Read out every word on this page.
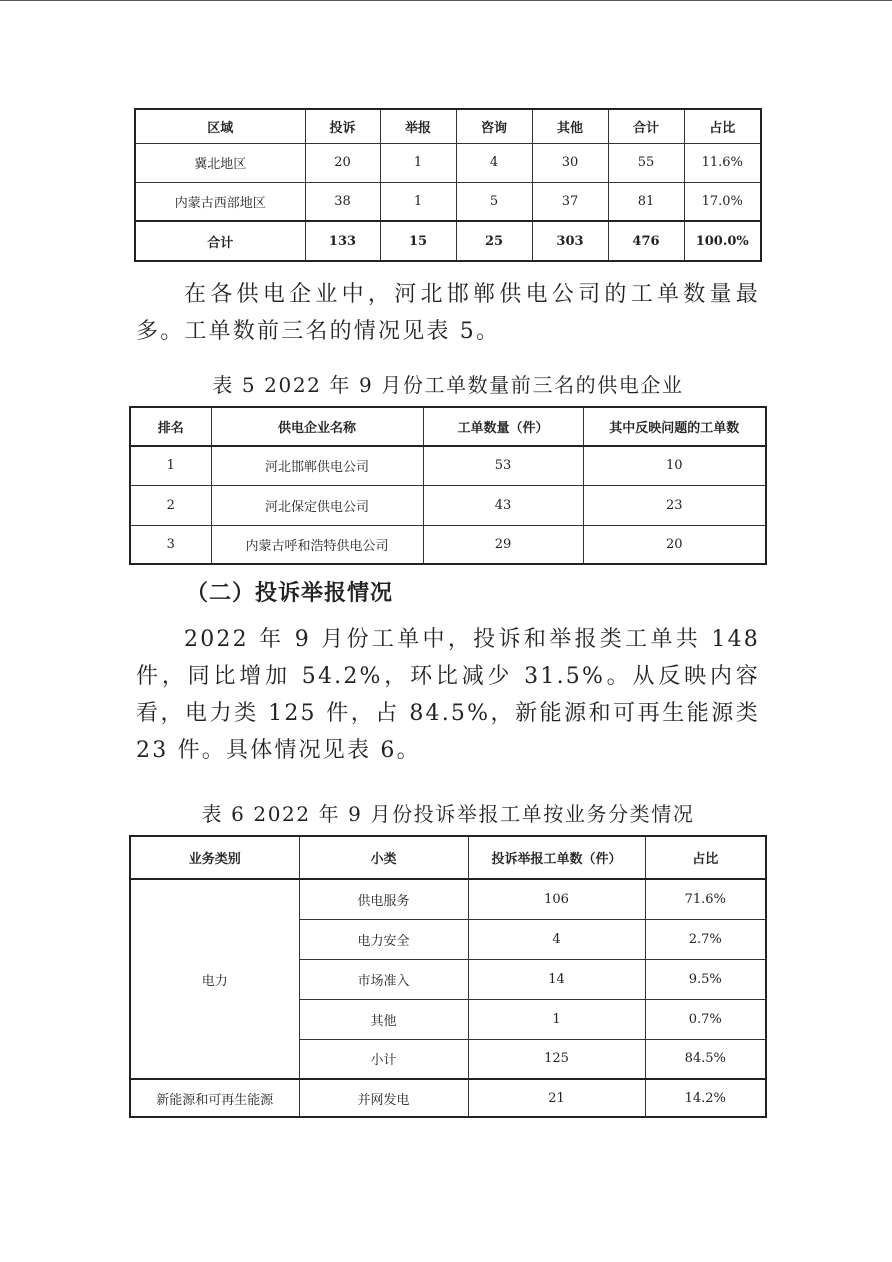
区域	投诉	举报	咨询	其他	合计	占比
冀北地区	20	1	4	30	55	11.6%
内蒙古西部地区	38	1	5	37	81	17.0%
合计	133	15	25	303	476	100.0%

在各供电企业中，河北邯郸供电公司的工单数量最多。工单数前三名的情况见表 5。

表 5 2022 年 9 月份工单数量前三名的供电企业

排名	供电企业名称	工单数量（件）	其中反映问题的工单数
1	河北邯郸供电公司	53	10
2	河北保定供电公司	43	23
3	内蒙古呼和浩特供电公司	29	20

（二）投诉举报情况

2022 年 9 月份工单中，投诉和举报类工单共 148 件，同比增加 54.2%，环比减少 31.5%。从反映内容看，电力类 125 件，占 84.5%，新能源和可再生能源类 23 件。具体情况见表 6。

表 6 2022 年 9 月份投诉举报工单按业务分类情况

业务类别	小类	投诉举报工单数（件）	占比
电力	供电服务	106	71.6%
	电力安全	4	2.7%
	市场准入	14	9.5%
	其他	1	0.7%
	小计	125	84.5%
新能源和可再生能源	并网发电	21	14.2%
